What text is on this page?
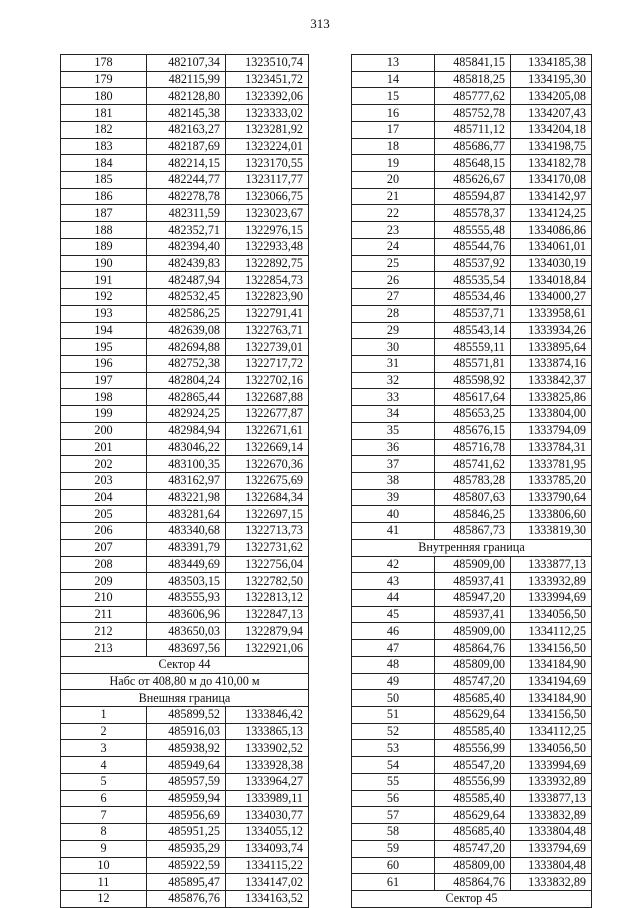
313
178	482107,34	1323510,74
179	482115,99	1323451,72
180	482128,80	1323392,06
181	482145,38	1323333,02
182	482163,27	1323281,92
183	482187,69	1323224,01
184	482214,15	1323170,55
185	482244,77	1323117,77
186	482278,78	1323066,75
187	482311,59	1323023,67
188	482352,71	1322976,15
189	482394,40	1322933,48
190	482439,83	1322892,75
191	482487,94	1322854,73
192	482532,45	1322823,90
193	482586,25	1322791,41
194	482639,08	1322763,71
195	482694,88	1322739,01
196	482752,38	1322717,72
197	482804,24	1322702,16
198	482865,44	1322687,88
199	482924,25	1322677,87
200	482984,94	1322671,61
201	483046,22	1322669,14
202	483100,35	1322670,36
203	483162,97	1322675,69
204	483221,98	1322684,34
205	483281,64	1322697,15
206	483340,68	1322713,73
207	483391,79	1322731,62
208	483449,69	1322756,04
209	483503,15	1322782,50
210	483555,93	1322813,12
211	483606,96	1322847,13
212	483650,03	1322879,94
213	483697,56	1322921,06
Сектор 44		
Набс от 408,80 м до 410,00 м		
Внешняя граница		
1	485899,52	1333846,42
2	485916,03	1333865,13
3	485938,92	1333902,52
4	485949,64	1333928,38
5	485957,59	1333964,27
6	485959,94	1333989,11
7	485956,69	1334030,77
8	485951,25	1334055,12
9	485935,29	1334093,74
10	485922,59	1334115,22
11	485895,47	1334147,02
12	485876,76	1334163,52
13	485841,15	1334185,38
14	485818,25	1334195,30
15	485777,62	1334205,08
16	485752,78	1334207,43
17	485711,12	1334204,18
18	485686,77	1334198,75
19	485648,15	1334182,78
20	485626,67	1334170,08
21	485594,87	1334142,97
22	485578,37	1334124,25
23	485555,48	1334086,86
24	485544,76	1334061,01
25	485537,92	1334030,19
26	485535,54	1334018,84
27	485534,46	1334000,27
28	485537,71	1333958,61
29	485543,14	1333934,26
30	485559,11	1333895,64
31	485571,81	1333874,16
32	485598,92	1333842,37
33	485617,64	1333825,86
34	485653,25	1333804,00
35	485676,15	1333794,09
36	485716,78	1333784,31
37	485741,62	1333781,95
38	485783,28	1333785,20
39	485807,63	1333790,64
40	485846,25	1333806,60
41	485867,73	1333819,30
Внутренняя граница		
42	485909,00	1333877,13
43	485937,41	1333932,89
44	485947,20	1333994,69
45	485937,41	1334056,50
46	485909,00	1334112,25
47	485864,76	1334156,50
48	485809,00	1334184,90
49	485747,20	1334194,69
50	485685,40	1334184,90
51	485629,64	1334156,50
52	485585,40	1334112,25
53	485556,99	1334056,50
54	485547,20	1333994,69
55	485556,99	1333932,89
56	485585,40	1333877,13
57	485629,64	1333832,89
58	485685,40	1333804,48
59	485747,20	1333794,69
60	485809,00	1333804,48
61	485864,76	1333832,89
Сектор 45		
